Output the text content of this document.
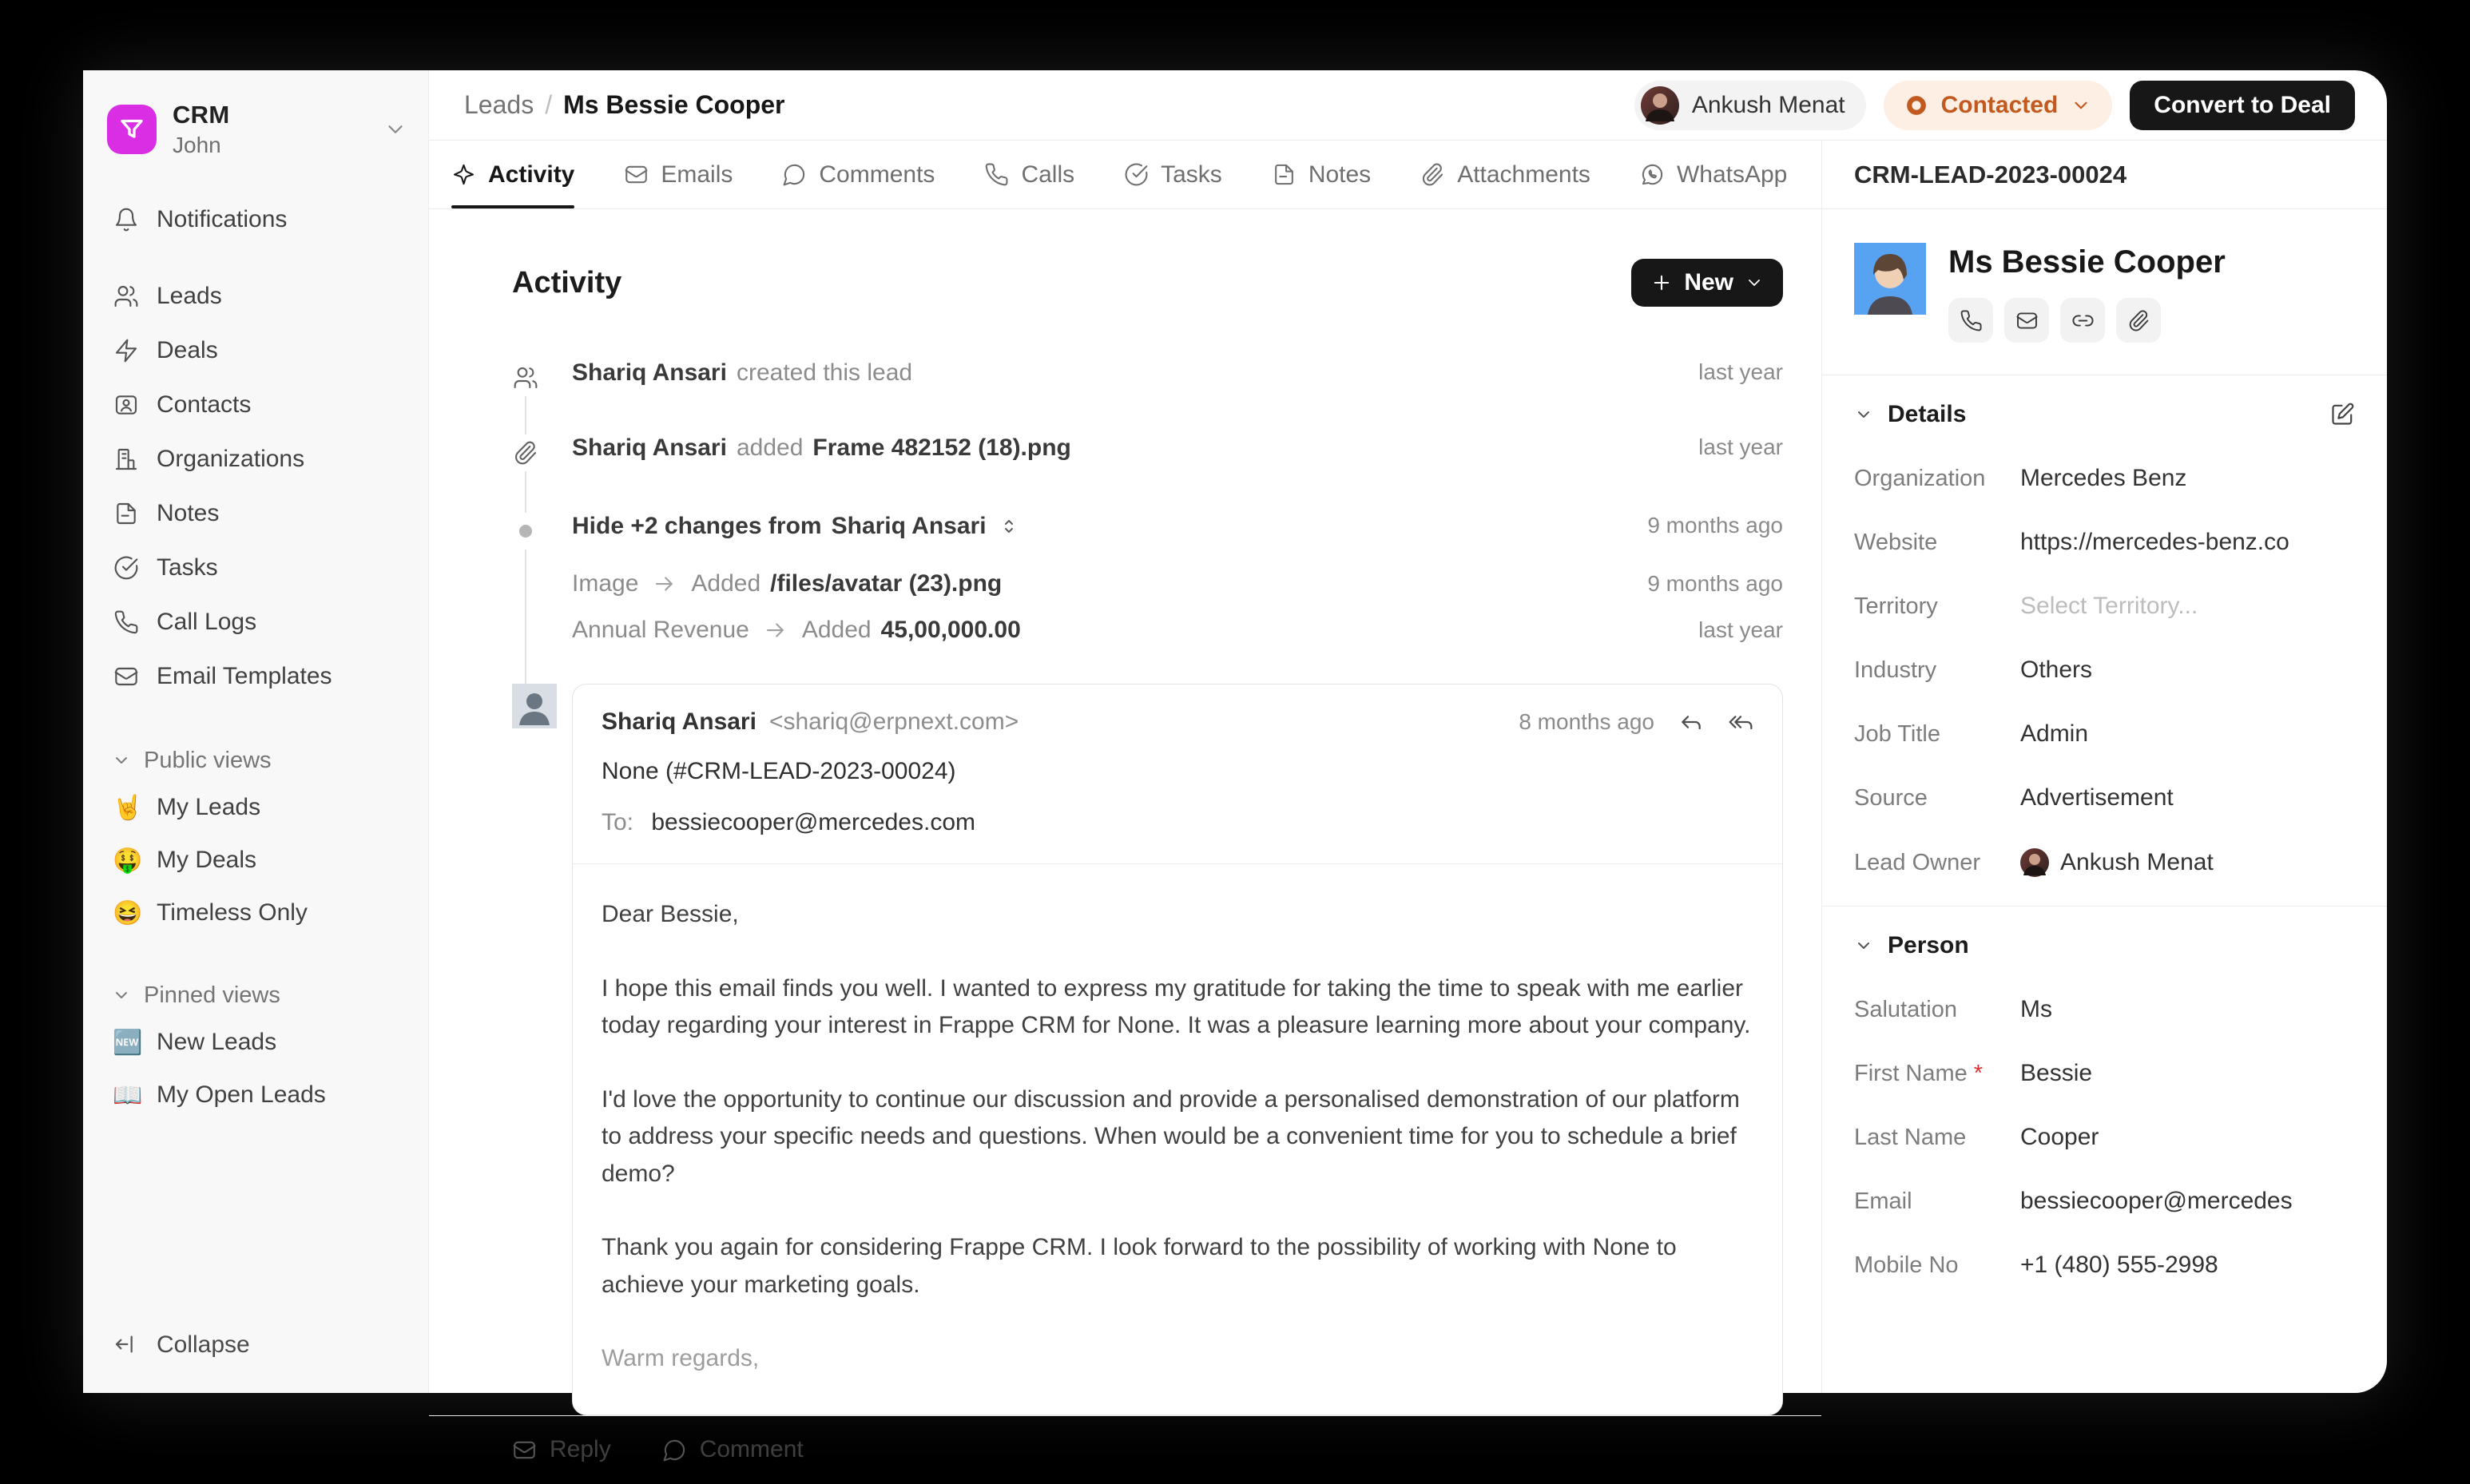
CRM
John
Notifications
Leads
Deals
Contacts
Organizations
Notes
Tasks
Call Logs
Email Templates
Public views
🤘 My Leads
🤑 My Deals
😆 Timeless Only
Pinned views
🆕 New Leads
📖 My Open Leads
Collapse
Leads / Ms Bessie Cooper	Ankush Menat	Contacted	Convert to Deal
Activity	Emails	Comments	Calls	Tasks	Notes	Attachments	WhatsApp
Activity	New
Shariq Ansari created this lead	last year
Shariq Ansari added Frame 482152 (18).png	last year
Hide +2 changes from Shariq Ansari	9 months ago
Image Added /files/avatar (23).png	9 months ago
Annual Revenue Added 45,00,000.00	last year
Shariq Ansari <shariq@erpnext.com>	8 months ago
None (#CRM-LEAD-2023-00024)
To: bessiecooper@mercedes.com

Dear Bessie,

I hope this email finds you well. I wanted to express my gratitude for taking the time to speak with me earlier today regarding your interest in Frappe CRM for None. It was a pleasure learning more about your company.

I'd love the opportunity to continue our discussion and provide a personalised demonstration of our platform to address your specific needs and questions. When would be a convenient time for you to schedule a brief demo?

Thank you again for considering Frappe CRM. I look forward to the possibility of working with None to achieve your marketing goals.

Warm regards,

Reply	Comment
CRM-LEAD-2023-00024
Ms Bessie Cooper
Details
Organization	Mercedes Benz
Website	https://mercedes-benz.co
Territory	Select Territory...
Industry	Others
Job Title	Admin
Source	Advertisement
Lead Owner	Ankush Menat
Person
Salutation	Ms
First Name *	Bessie
Last Name	Cooper
Email	bessiecooper@mercedes
Mobile No	+1 (480) 555-2998
